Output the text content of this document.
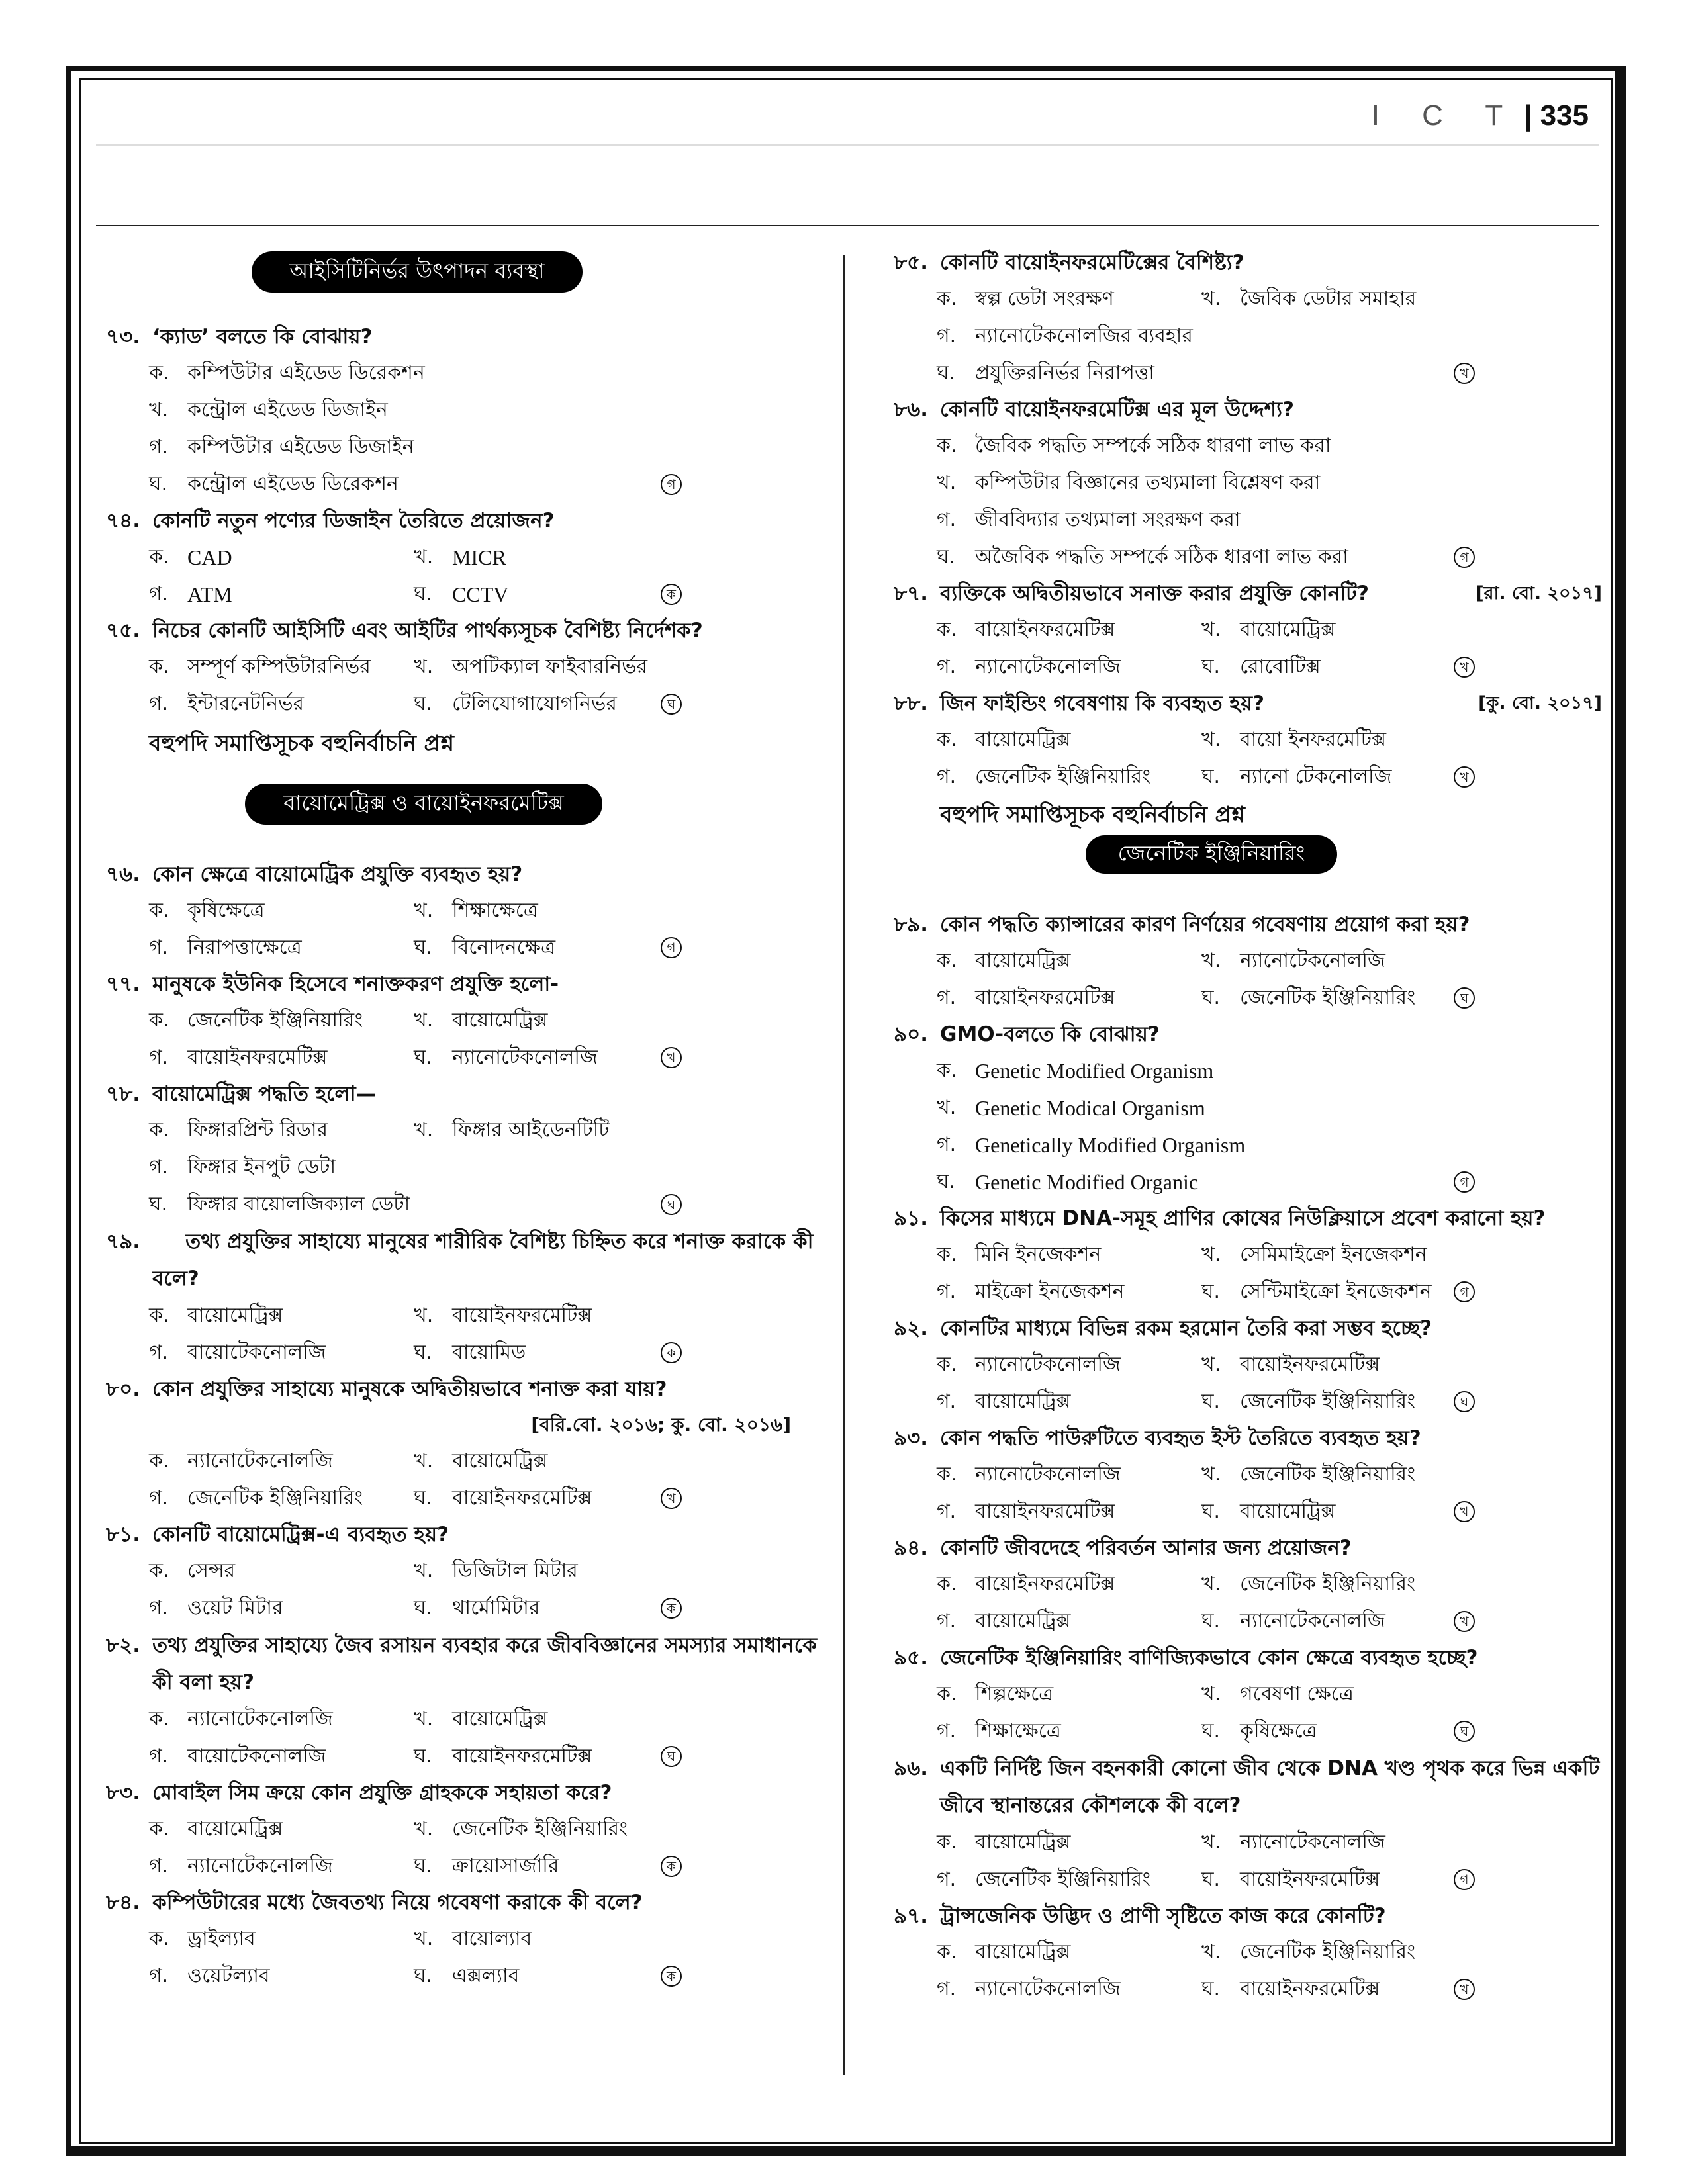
I C T | 335
আইসিটিনির্ভর উৎপাদন ব্যবস্থা
৭৩. ‘ক্যাড’ বলতে কি বোঝায়?
ক. কম্পিউটার এইডেড ডিরেকশন
খ. কন্ট্রোল এইডেড ডিজাইন
গ. কম্পিউটার এইডেড ডিজাইন
ঘ. কন্ট্রোল এইডেড ডিরেকশন	গ
৭৪. কোনটি নতুন পণ্যের ডিজাইন তৈরিতে প্রয়োজন?
ক. CAD	খ. MICR
গ. ATM	ঘ. CCTV	ক
৭৫. নিচের কোনটি আইসিটি এবং আইটির পার্থক্যসূচক বৈশিষ্ট্য নির্দেশক?
ক. সম্পূর্ণ কম্পিউটারনির্ভর খ. অপটিক্যাল ফাইবারনির্ভর
গ. ইন্টারনেটনির্ভর	ঘ. টেলিযোগাযোগনির্ভর	ঘ
বহুপদি সমাপ্তিসূচক বহুনির্বাচনি প্রশ্ন
বায়োমেট্রিক্স ও বায়োইনফরমেটিক্স
৭৬. কোন ক্ষেত্রে বায়োমেট্রিক প্রযুক্তি ব্যবহৃত হয়?
ক. কৃষিক্ষেত্রে	খ. শিক্ষাক্ষেত্রে
গ. নিরাপত্তাক্ষেত্রে	ঘ. বিনোদনক্ষেত্র	গ
৭৭. মানুষকে ইউনিক হিসেবে শনাক্তকরণ প্রযুক্তি হলো-
ক. জেনেটিক ইঞ্জিনিয়ারিং	খ. বায়োমেট্রিক্স
গ. বায়োইনফরমেটিক্স	ঘ. ন্যানোটেকনোলজি	খ
৭৮. বায়োমেট্রিক্স পদ্ধতি হলো—
ক. ফিঙ্গারপ্রিন্ট রিডার	খ. ফিঙ্গার আইডেনটিটি
গ. ফিঙ্গার ইনপুট ডেটা
ঘ. ফিঙ্গার বায়োলজিক্যাল ডেটা	ঘ
৭৯.	তথ্য প্রযুক্তির সাহায্যে মানুষের শারীরিক বৈশিষ্ট্য চিহ্নিত করে শনাক্ত করাকে কী বলে?
ক. বায়োমেট্রিক্স	খ. বায়োইনফরমেটিক্স
গ. বায়োটেকনোলজি	ঘ. বায়োমিড	ক
৮০. কোন প্রযুক্তির সাহায্যে মানুষকে অদ্বিতীয়ভাবে শনাক্ত করা যায়?
[বরি.বো. ২০১৬; কু. বো. ২০১৬]
ক. ন্যানোটেকনোলজি	খ. বায়োমেট্রিক্স
গ. জেনেটিক ইঞ্জিনিয়ারিং	ঘ. বায়োইনফরমেটিক্স	খ
৮১. কোনটি বায়োমেট্রিক্স-এ ব্যবহৃত হয়?
ক. সেন্সর	খ. ডিজিটাল মিটার
গ. ওয়েট মিটার	ঘ. থার্মোমিটার	ক
৮২. তথ্য প্রযুক্তির সাহায্যে জৈব রসায়ন ব্যবহার করে জীববিজ্ঞানের সমস্যার সমাধানকে কী বলা হয়?
ক. ন্যানোটেকনোলজি	খ. বায়োমেট্রিক্স
গ. বায়োটেকনোলজি	ঘ. বায়োইনফরমেটিক্স	ঘ
৮৩. মোবাইল সিম ক্রয়ে কোন প্রযুক্তি গ্রাহককে সহায়তা করে?
ক. বায়োমেট্রিক্স	খ. জেনেটিক ইঞ্জিনিয়ারিং
গ. ন্যানোটেকনোলজি	ঘ. ক্রায়োসার্জারি	ক
৮৪. কম্পিউটারের মধ্যে জৈবতথ্য নিয়ে গবেষণা করাকে কী বলে?
ক. ড্রাইল্যাব	খ. বায়োল্যাব
গ. ওয়েটল্যাব	ঘ. এক্সল্যাব	ক
৮৫. কোনটি বায়োইনফরমেটিক্সের বৈশিষ্ট্য?
ক. স্বল্প ডেটা সংরক্ষণ	খ. জৈবিক ডেটার সমাহার
গ. ন্যানোটেকনোলজির ব্যবহার
ঘ. প্রযুক্তিরনির্ভর নিরাপত্তা	খ
৮৬. কোনটি বায়োইনফরমেটিক্স এর মূল উদ্দেশ্য?
ক. জৈবিক পদ্ধতি সম্পর্কে সঠিক ধারণা লাভ করা
খ. কম্পিউটার বিজ্ঞানের তথ্যমালা বিশ্লেষণ করা
গ. জীববিদ্যার তথ্যমালা সংরক্ষণ করা
ঘ. অজৈবিক পদ্ধতি সম্পর্কে সঠিক ধারণা লাভ করা	গ
৮৭. ব্যক্তিকে অদ্বিতীয়ভাবে সনাক্ত করার প্রযুক্তি কোনটি?	[রা. বো. ২০১৭]
ক. বায়োইনফরমেটিক্স	খ. বায়োমেট্রিক্স
গ. ন্যানোটেকনোলজি	ঘ. রোবোটিক্স	খ
৮৮. জিন ফাইন্ডিং গবেষণায় কি ব্যবহৃত হয়?	[কু. বো. ২০১৭]
ক. বায়োমেট্রিক্স	খ. বায়ো ইনফরমেটিক্স
গ. জেনেটিক ইঞ্জিনিয়ারিং	ঘ. ন্যানো টেকনোলজি	খ
বহুপদি সমাপ্তিসূচক বহুনির্বাচনি প্রশ্ন
জেনেটিক ইঞ্জিনিয়ারিং
৮৯. কোন পদ্ধতি ক্যান্সারের কারণ নির্ণয়ের গবেষণায় প্রয়োগ করা হয়?
ক. বায়োমেট্রিক্স	খ. ন্যানোটেকনোলজি
গ. বায়োইনফরমেটিক্স	ঘ. জেনেটিক ইঞ্জিনিয়ারিং	ঘ
৯০. GMO-বলতে কি বোঝায়?
ক. Genetic Modified Organism
খ. Genetic Modical Organism
গ. Genetically Modified Organism
ঘ. Genetic Modified Organic	গ
৯১. কিসের মাধ্যমে DNA-সমূহ প্রাণির কোষের নিউক্লিয়াসে প্রবেশ করানো হয়?
ক. মিনি ইনজেকশন	খ. সেমিমাইক্রো ইনজেকশন
গ. মাইক্রো ইনজেকশন	ঘ. সেন্টিমাইক্রো ইনজেকশন	গ
৯২. কোনটির মাধ্যমে বিভিন্ন রকম হরমোন তৈরি করা সম্ভব হচ্ছে?
ক. ন্যানোটেকনোলজি	খ. বায়োইনফরমেটিক্স
গ. বায়োমেট্রিক্স	ঘ. জেনেটিক ইঞ্জিনিয়ারিং	ঘ
৯৩. কোন পদ্ধতি পাউরুটিতে ব্যবহৃত ইস্ট তৈরিতে ব্যবহৃত হয়?
ক. ন্যানোটেকনোলজি	খ. জেনেটিক ইঞ্জিনিয়ারিং
গ. বায়োইনফরমেটিক্স	ঘ. বায়োমেট্রিক্স	খ
৯৪. কোনটি জীবদেহে পরিবর্তন আনার জন্য প্রয়োজন?
ক. বায়োইনফরমেটিক্স	খ. জেনেটিক ইঞ্জিনিয়ারিং
গ. বায়োমেট্রিক্স	ঘ. ন্যানোটেকনোলজি	খ
৯৫. জেনেটিক ইঞ্জিনিয়ারিং বাণিজ্যিকভাবে কোন ক্ষেত্রে ব্যবহৃত হচ্ছে?
ক. শিল্পক্ষেত্রে	খ. গবেষণা ক্ষেত্রে
গ. শিক্ষাক্ষেত্রে	ঘ. কৃষিক্ষেত্রে	ঘ
৯৬. একটি নির্দিষ্ট জিন বহনকারী কোনো জীব থেকে DNA খণ্ড পৃথক করে ভিন্ন একটি জীবে স্থানান্তরের কৌশলকে কী বলে?
ক. বায়োমেট্রিক্স	খ. ন্যানোটেকনোলজি
গ. জেনেটিক ইঞ্জিনিয়ারিং	ঘ. বায়োইনফরমেটিক্স	গ
৯৭. ট্রান্সজেনিক উদ্ভিদ ও প্রাণী সৃষ্টিতে কাজ করে কোনটি?
ক. বায়োমেট্রিক্স	খ. জেনেটিক ইঞ্জিনিয়ারিং
গ. ন্যানোটেকনোলজি	ঘ. বায়োইনফরমেটিক্স	খ
